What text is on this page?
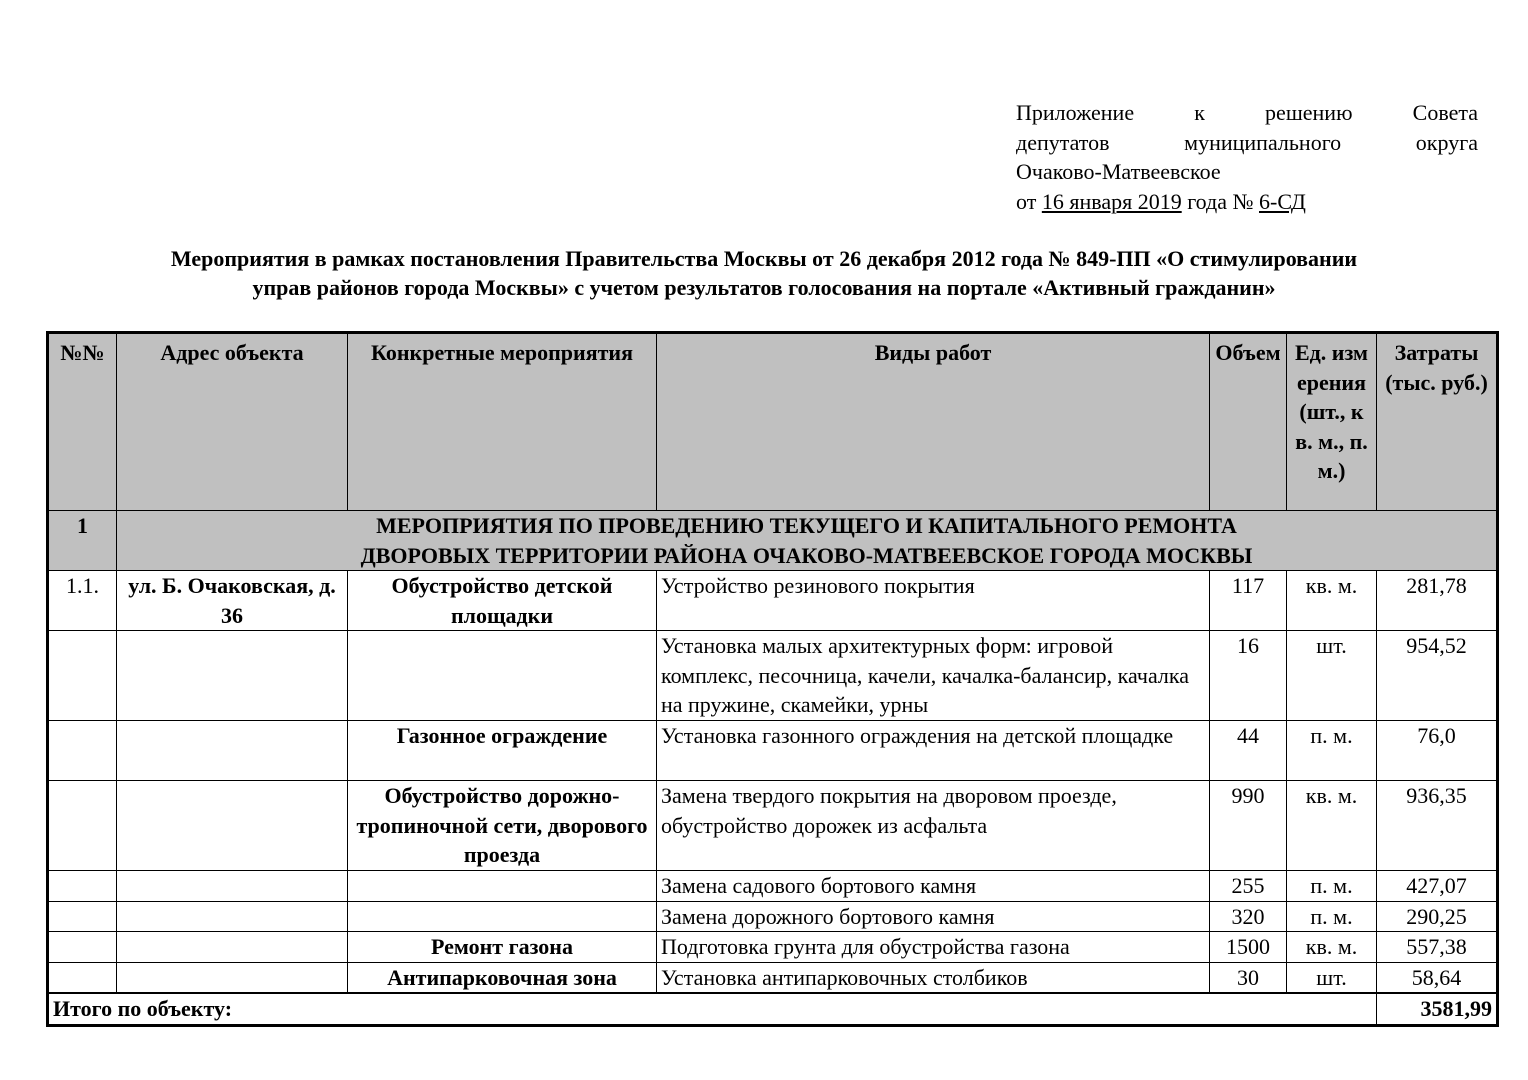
Приложение к решению Совета
депутатов муниципального округа
Очаково-Матвеевское
от 16 января 2019 года № 6-СД
Мероприятия в рамках постановления Правительства Москвы от 26 декабря 2012 года № 849-ПП «О стимулировании
управ районов города Москвы» с учетом результатов голосования на портале «Активный гражданин»
№№	Адрес объекта	Конкретные мероприятия	Виды работ	Объем	Ед. измерения (шт., кв. м., п. м.)	Затраты (тыс. руб.)
1	МЕРОПРИЯТИЯ ПО ПРОВЕДЕНИЮ ТЕКУЩЕГО И КАПИТАЛЬНОГО РЕМОНТА
ДВОРОВЫХ ТЕРРИТОРИИ РАЙОНА ОЧАКОВО-МАТВЕЕВСКОЕ ГОРОДА МОСКВЫ					

1.1.	ул. Б. Очаковская, д. 36	Обустройство детской площадки	Устройство резинового покрытия	117	кв. м.	281,78
			Установка малых архитектурных форм: игровой комплекс, песочница, качели, качалка-балансир, качалка на пружине, скамейки, урны	16	шт.	954,52
		Газонное ограждение	Установка газонного ограждения на детской площадке	44	п. м.	76,0
		Обустройство дорожно-тропиночной сети, дворового проезда	Замена твердого покрытия на дворовом проезде, обустройство дорожек из асфальта	990	кв. м.	936,35
			Замена садового бортового камня	255	п. м.	427,07
			Замена дорожного бортового камня	320	п. м.	290,25
		Ремонт газона	Подготовка грунта для обустройства газона	1500	кв. м.	557,38
		Антипарковочная зона	Установка антипарковочных столбиков	30	шт.	58,64
Итого по объекту:						3581,99
